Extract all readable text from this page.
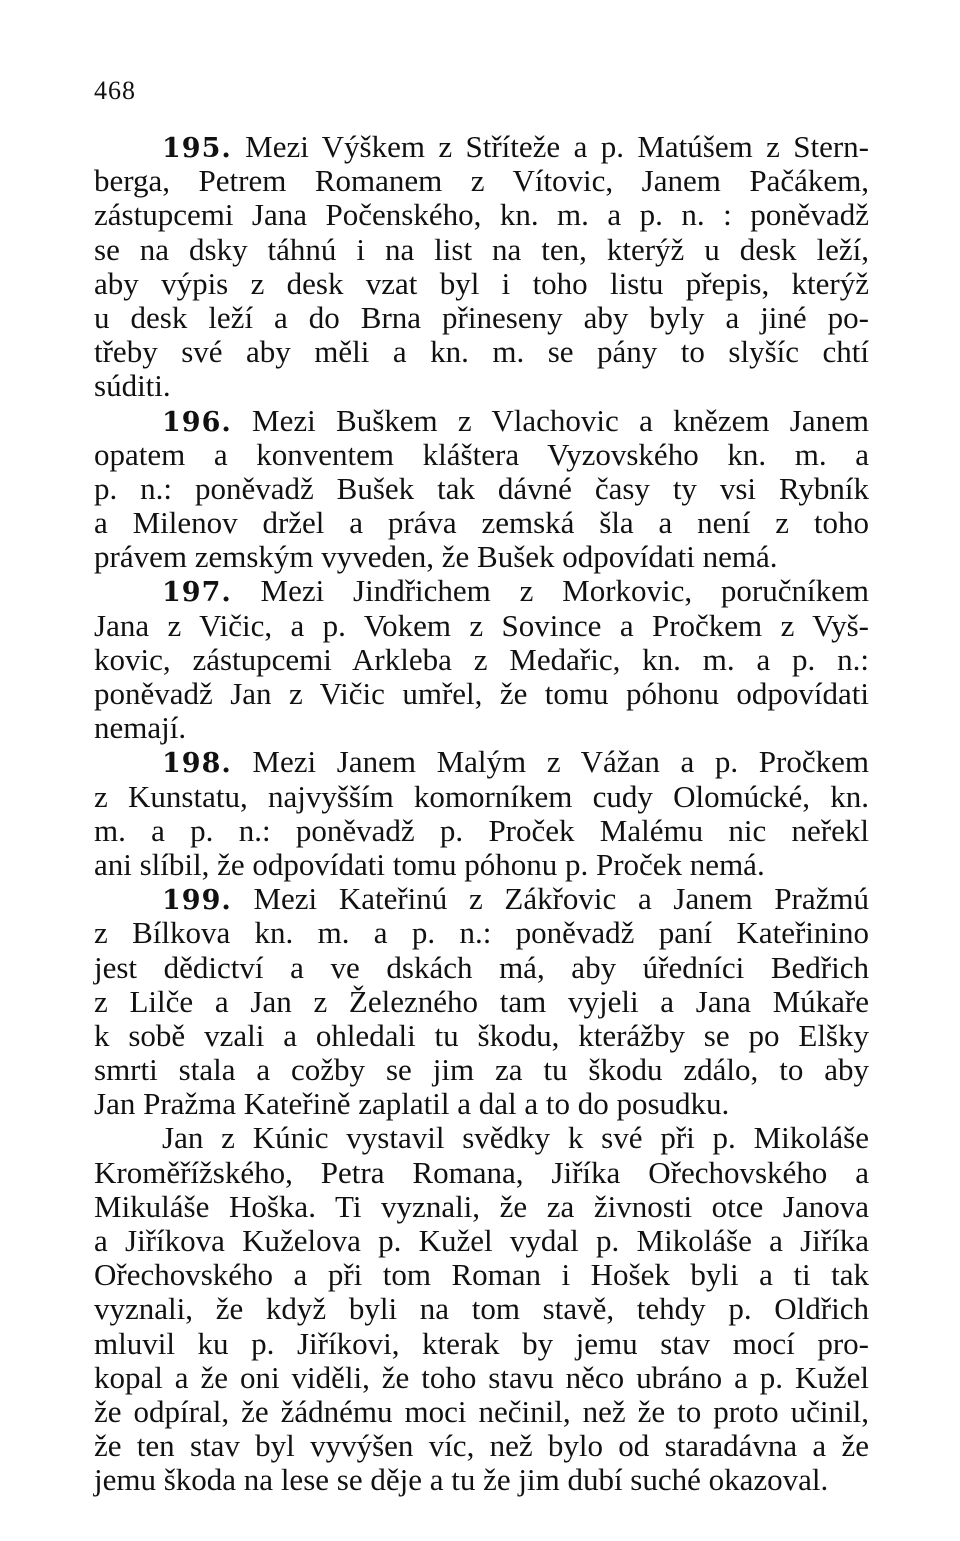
468
195. Mezi Výškem z Stříteže a p. Matúšem z Stern-
berga, Petrem Romanem z Vítovic, Janem Pačákem,
zástupcemi Jana Počenského, kn. m. a p. n. : poněvadž
se na dsky táhnú i na list na ten, kterýž u desk leží,
aby výpis z desk vzat byl i toho listu přepis, kterýž
u desk leží a do Brna přineseny aby byly a jiné po-
třeby své aby měli a kn. m. se pány to slyšíc chtí
súditi.
196. Mezi Buškem z Vlachovic a knězem Janem
opatem a konventem kláštera Vyzovského kn. m. a
p. n.: poněvadž Bušek tak dávné časy ty vsi Rybník
a Milenov držel a práva zemská šla a není z toho
právem zemským vyveden, že Bušek odpovídati nemá.
197. Mezi Jindřichem z Morkovic, poručníkem
Jana z Vičic, a p. Vokem z Sovince a Pročkem z Vyš-
kovic, zástupcemi Arkleba z Medařic, kn. m. a p. n.:
poněvadž Jan z Vičic umřel, že tomu póhonu odpovídati
nemají.
198. Mezi Janem Malým z Vážan a p. Pročkem
z Kunstatu, najvyšším komorníkem cudy Olomúcké, kn.
m. a p. n.: poněvadž p. Proček Malému nic neřekl
ani slíbil, že odpovídati tomu póhonu p. Proček nemá.
199. Mezi Kateřinú z Zákřovic a Janem Pražmú
z Bílkova kn. m. a p. n.: poněvadž paní Kateřinino
jest dědictví a ve dskách má, aby úředníci Bedřich
z Lilče a Jan z Železného tam vyjeli a Jana Múkaře
k sobě vzali a ohledali tu škodu, kterážby se po Elšky
smrti stala a cožby se jim za tu škodu zdálo, to aby
Jan Pražma Kateřině zaplatil a dal a to do posudku.
Jan z Kúnic vystavil svědky k své při p. Mikoláše
Kroměřížského, Petra Romana, Jiříka Ořechovského a
Mikuláše Hoška. Ti vyznali, že za živnosti otce Janova
a Jiříkova Kuželova p. Kužel vydal p. Mikoláše a Jiříka
Ořechovského a při tom Roman i Hošek byli a ti tak
vyznali, že když byli na tom stavě, tehdy p. Oldřich
mluvil ku p. Jiříkovi, kterak by jemu stav mocí pro-
kopal a že oni viděli, že toho stavu něco ubráno a p. Kužel
že odpíral, že žádnému moci nečinil, než že to proto učinil,
že ten stav byl vyvýšen víc, než bylo od staradávna a že
jemu škoda na lese se děje a tu že jim dubí suché okazoval.
